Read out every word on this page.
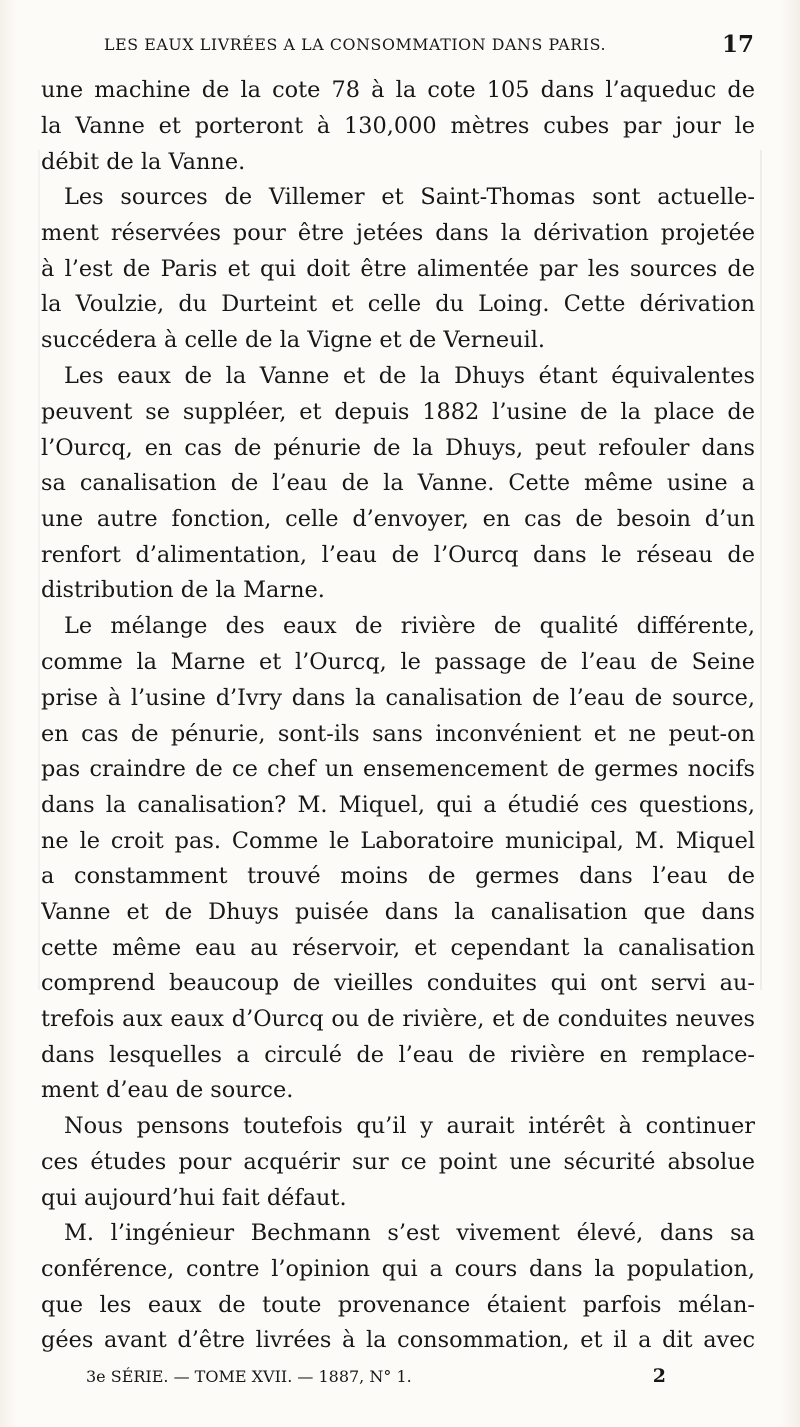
LES EAUX LIVRÉES A LA CONSOMMATION DANS PARIS.	17
une machine de la cote 78 à la cote 105 dans l’aqueduc de
la Vanne et porteront à 130,000 mètres cubes par jour le
débit de la Vanne.
Les sources de Villemer et Saint-Thomas sont actuelle-
ment réservées pour être jetées dans la dérivation projetée
à l’est de Paris et qui doit être alimentée par les sources de
la Voulzie, du Durteint et celle du Loing. Cette dérivation
succédera à celle de la Vigne et de Verneuil.
Les eaux de la Vanne et de la Dhuys étant équivalentes
peuvent se suppléer, et depuis 1882 l’usine de la place de
l’Ourcq, en cas de pénurie de la Dhuys, peut refouler dans
sa canalisation de l’eau de la Vanne. Cette même usine a
une autre fonction, celle d’envoyer, en cas de besoin d’un
renfort d’alimentation, l’eau de l’Ourcq dans le réseau de
distribution de la Marne.
Le mélange des eaux de rivière de qualité différente,
comme la Marne et l’Ourcq, le passage de l’eau de Seine
prise à l’usine d’Ivry dans la canalisation de l’eau de source,
en cas de pénurie, sont-ils sans inconvénient et ne peut-on
pas craindre de ce chef un ensemencement de germes nocifs
dans la canalisation? M. Miquel, qui a étudié ces questions,
ne le croit pas. Comme le Laboratoire municipal, M. Miquel
a constamment trouvé moins de germes dans l’eau de
Vanne et de Dhuys puisée dans la canalisation que dans
cette même eau au réservoir, et cependant la canalisation
comprend beaucoup de vieilles conduites qui ont servi au-
trefois aux eaux d’Ourcq ou de rivière, et de conduites neuves
dans lesquelles a circulé de l’eau de rivière en remplace-
ment d’eau de source.
Nous pensons toutefois qu’il y aurait intérêt à continuer
ces études pour acquérir sur ce point une sécurité absolue
qui aujourd’hui fait défaut.
M. l’ingénieur Bechmann s’est vivement élevé, dans sa
conférence, contre l’opinion qui a cours dans la population,
que les eaux de toute provenance étaient parfois mélan-
gées avant d’être livrées à la consommation, et il a dit avec
3e SÉRIE. — TOME XVII. — 1887, N° 1.	2
